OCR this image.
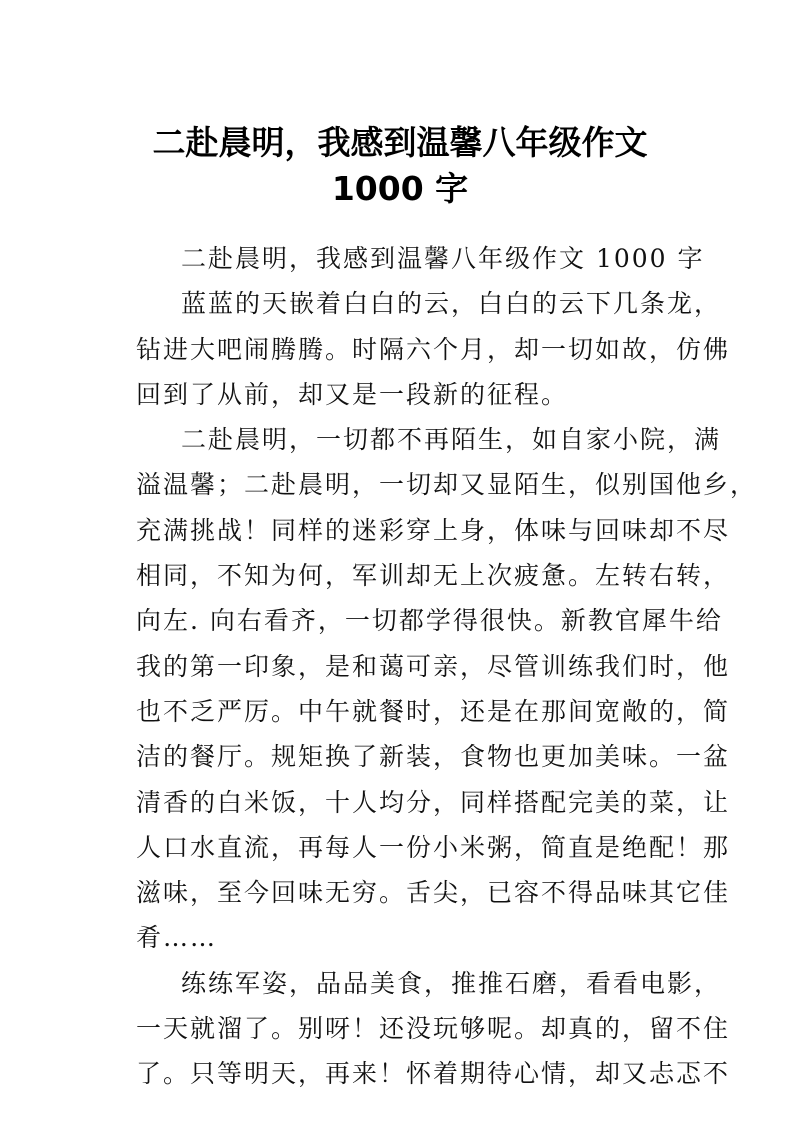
二赴晨明，我感到温馨八年级作文
1000 字
二赴晨明，我感到温馨八年级作文 1000 字
蓝蓝的天嵌着白白的云，白白的云下几条龙，
钻进大吧闹腾腾。时隔六个月，却一切如故，仿佛
回到了从前，却又是一段新的征程。
二赴晨明，一切都不再陌生，如自家小院，满
溢温馨；二赴晨明，一切却又显陌生，似别国他乡，
充满挑战！同样的迷彩穿上身，体味与回味却不尽
相同，不知为何，军训却无上次疲惫。左转右转，
向左. 向右看齐，一切都学得很快。新教官犀牛给
我的第一印象，是和蔼可亲，尽管训练我们时，他
也不乏严厉。中午就餐时，还是在那间宽敞的，简
洁的餐厅。规矩换了新装，食物也更加美味。一盆
清香的白米饭，十人均分，同样搭配完美的菜，让
人口水直流，再每人一份小米粥，简直是绝配！那
滋味，至今回味无穷。舌尖，已容不得品味其它佳
肴……
练练军姿，品品美食，推推石磨，看看电影，
一天就溜了。别呀！还没玩够呢。却真的，留不住
了。只等明天，再来！怀着期待心情，却又忐忑不
